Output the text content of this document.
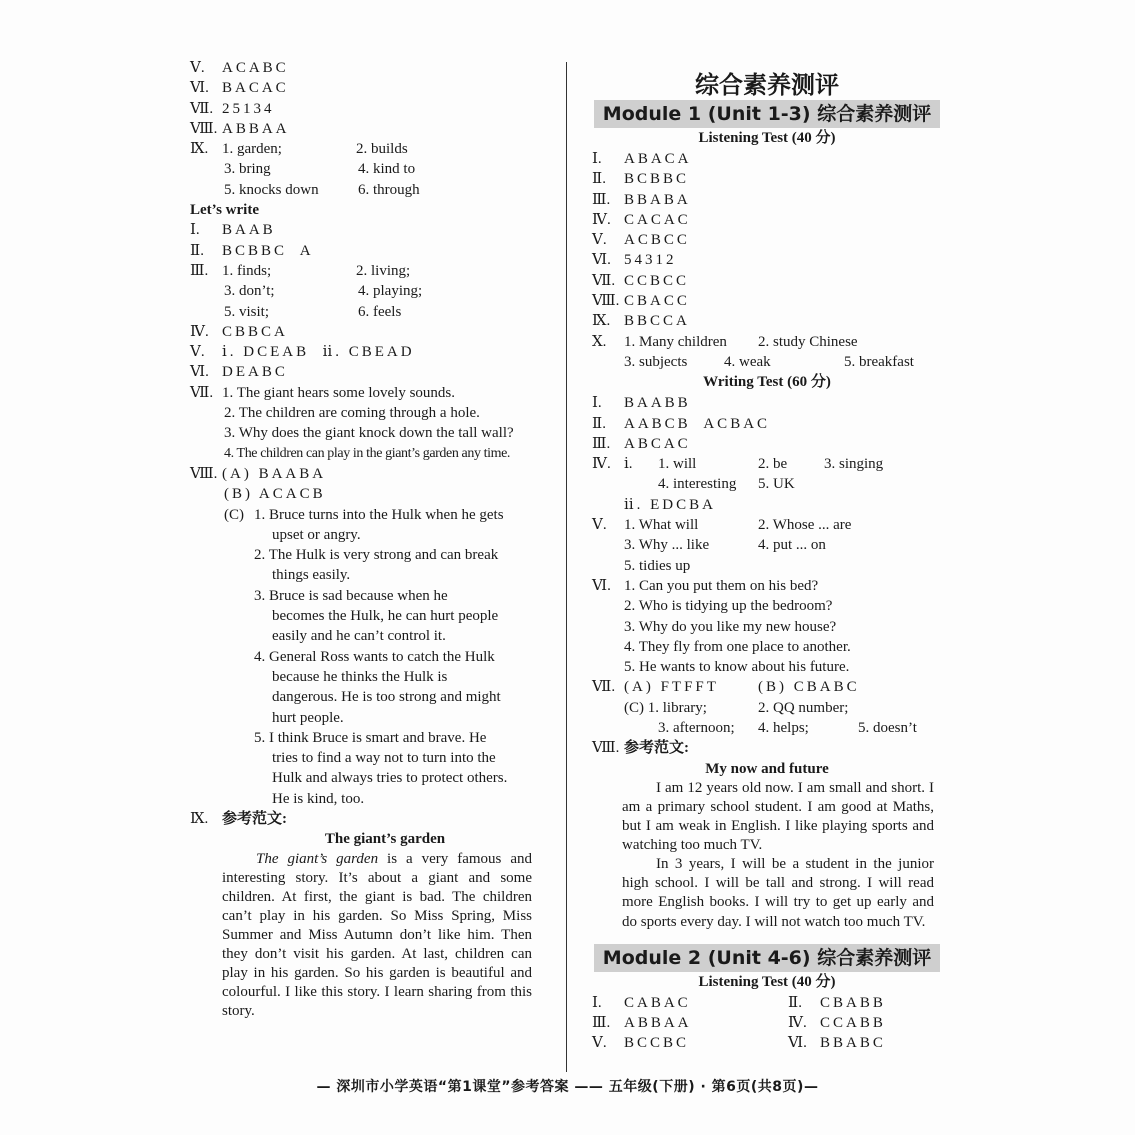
Ⅴ. ACABC
Ⅵ. BACAC
Ⅶ. 25134
Ⅷ. ABBAA
Ⅸ. 1. garden;	2. builds
3. bring	4. kind to
5. knocks down	6. through
Let’s write
Ⅰ. BAAB
Ⅱ. BCBBC  A
Ⅲ. 1. finds;	2. living;
3. don’t;	4. playing;
5. visit;	6. feels
Ⅳ. CBBCA
Ⅴ. ⅰ. DCEAB  ⅱ. CBEAD
Ⅵ. DEABC
Ⅶ. 1. The giant hears some lovely sounds.
2. The children are coming through a hole.
3. Why does the giant knock down the tall wall?
4. The children can play in the giant’s garden any time.
Ⅷ. (A) BAABA
(B) ACACB
(C) 1. Bruce turns into the Hulk when he gets
upset or angry.
2. The Hulk is very strong and can break
things easily.
3. Bruce is sad because when he
becomes the Hulk, he can hurt people
easily and he can’t control it.
4. General Ross wants to catch the Hulk
because he thinks the Hulk is
dangerous. He is too strong and might
hurt people.
5. I think Bruce is smart and brave. He
tries to find a way not to turn into the
Hulk and always tries to protect others.
He is kind, too.
Ⅸ. 参考范文:
The giant’s garden
The giant’s garden is a very famous and interesting story. It’s about a giant and some children. At first, the giant is bad. The children can’t play in his garden. So Miss Spring, Miss Summer and Miss Autumn don’t like him. Then they don’t visit his garden. At last, children can play in his garden. So his garden is beautiful and colourful. I like this story. I learn sharing from this story.
综合素养测评
Module 1 (Unit 1-3) 综合素养测评
Listening Test (40 分)
Ⅰ. ABACA
Ⅱ. BCBBC
Ⅲ. BBABA
Ⅳ. CACAC
Ⅴ. ACBCC
Ⅵ. 54312
Ⅶ. CCBCC
Ⅷ. CBACC
Ⅸ. BBCCA
Ⅹ. 1. Many children 2. study Chinese
3. subjects 4. weak	5. breakfast
Writing Test (60 分)
Ⅰ. BAABB
Ⅱ. AABCB  ACBAC
Ⅲ. ABCAC
Ⅳ. ⅰ. 1. will	2. be 3. singing
4. interesting 5. UK
ⅱ. EDCBA
Ⅴ. 1. What will	2. Whose ... are
3. Why ... like	4. put ... on
5. tidies up
Ⅵ. 1. Can you put them on his bed?
2. Who is tidying up the bedroom?
3. Why do you like my new house?
4. They fly from one place to another.
5. He wants to know about his future.
Ⅶ. (A) FTFFT	(B) CBABC
(C) 1. library;	2. QQ number;
3. afternoon; 4. helps;	5. doesn’t
Ⅷ. 参考范文:
My now and future
I am 12 years old now. I am small and short. I am a primary school student. I am good at Maths, but I am weak in English. I like playing sports and watching too much TV.
In 3 years, I will be a student in the junior high school. I will be tall and strong. I will read more English books. I will try to get up early and do sports every day. I will not watch too much TV.
Module 2 (Unit 4-6) 综合素养测评
Listening Test (40 分)
Ⅰ. CABAC	Ⅱ. CBABB
Ⅲ. ABBAA	Ⅳ. CCABB
Ⅴ. BCCBC	Ⅵ. BBABC
— 深圳市小学英语“第1课堂”参考答案 —— 五年级(下册) · 第6页(共8页)—
